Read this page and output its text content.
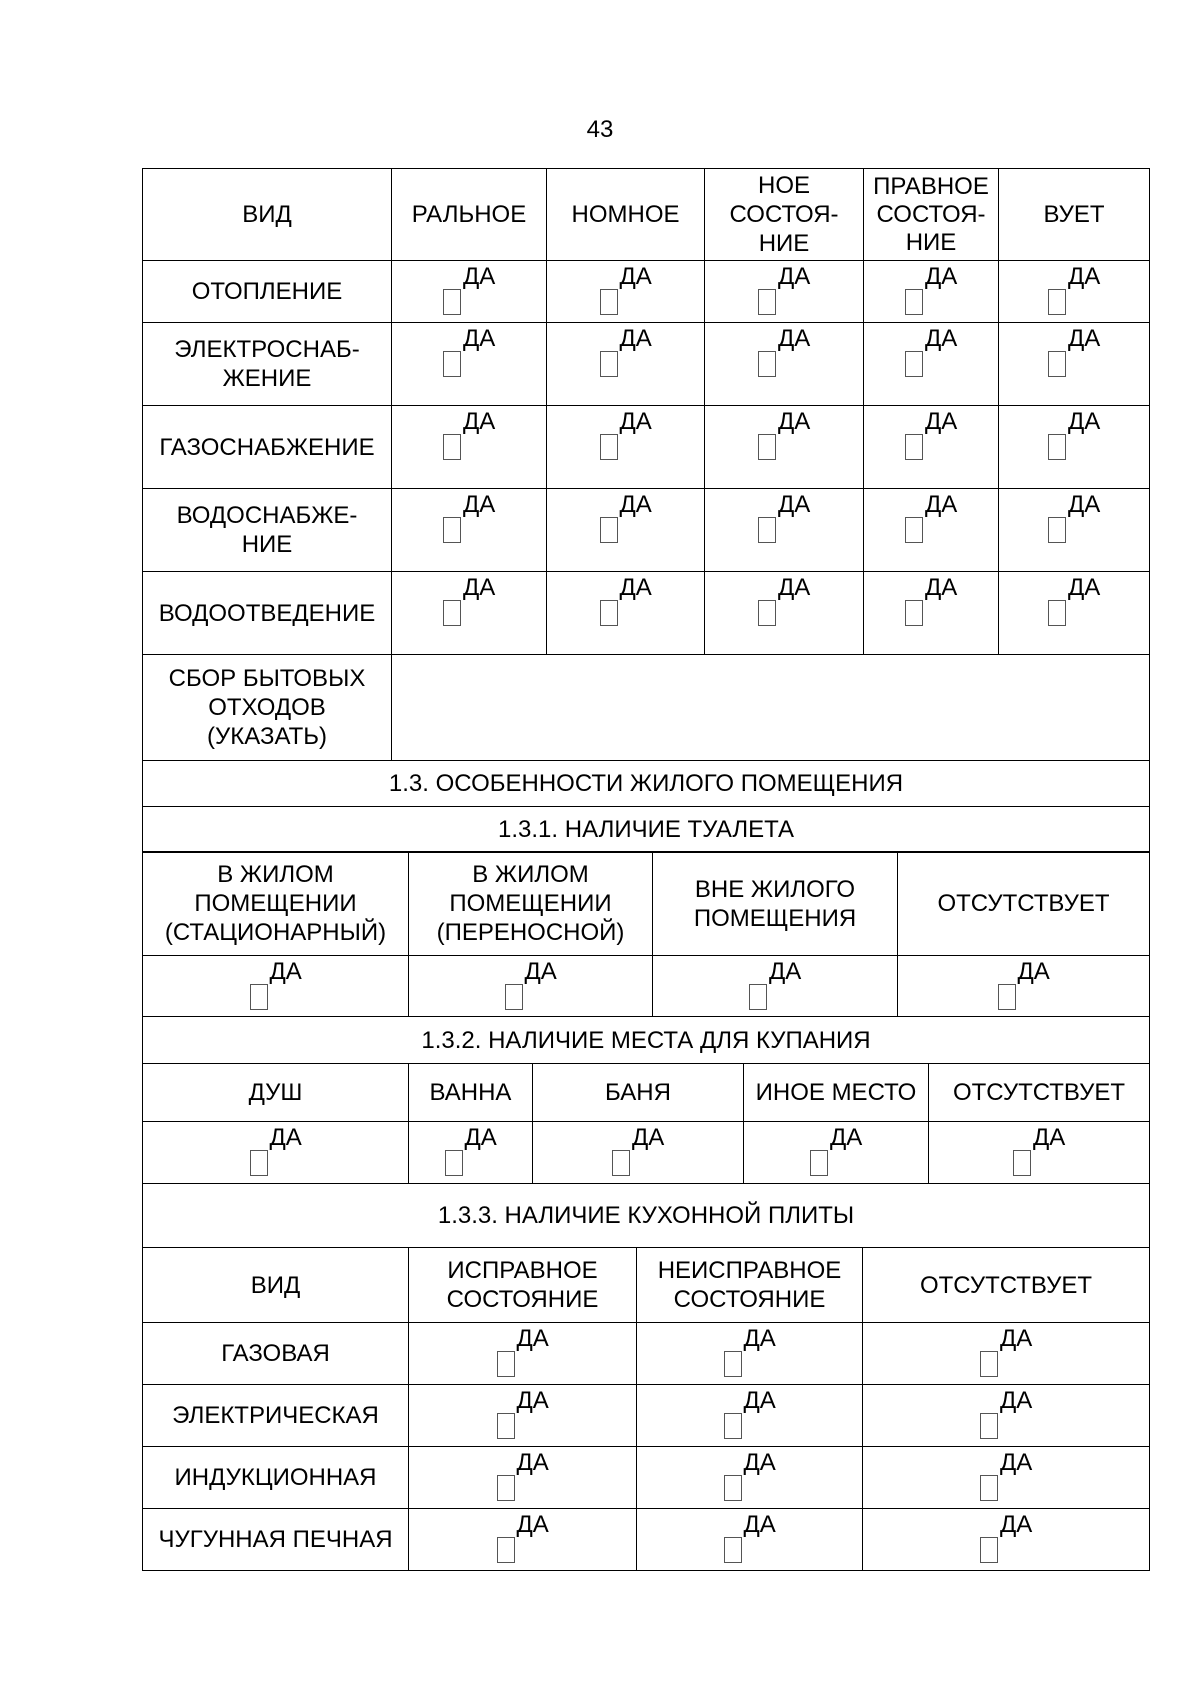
43
ВИД	РАЛЬНОЕ	НОМНОЕ	НОЕ
СОСТОЯ-
НИЕ	ПРАВНОЕ
СОСТОЯ-
НИЕ	ВУЕТ
ОТОПЛЕНИЕ	ДА	ДА	ДА	ДА	ДА

ЭЛЕКТРОСНАБ-
ЖЕНИЕ	ДА	ДА	ДА	ДА	ДА

ГАЗОСНАБЖЕНИЕ	ДА	ДА	ДА	ДА	ДА

ВОДОСНАБЖЕ-
НИЕ	ДА	ДА	ДА	ДА	ДА

ВОДООТВЕДЕНИЕ	ДА	ДА	ДА	ДА	ДА

СБОР БЫТОВЫХ
ОТХОДОВ
(УКАЗАТЬ)					
1.3. ОСОБЕННОСТИ ЖИЛОГО ПОМЕЩЕНИЯ					
1.3.1. НАЛИЧИЕ ТУАЛЕТА					
В ЖИЛОМ
ПОМЕЩЕНИИ
(СТАЦИОНАРНЫЙ)	В ЖИЛОМ
ПОМЕЩЕНИИ
(ПЕРЕНОСНОЙ)	ВНЕ ЖИЛОГО
ПОМЕЩЕНИЯ	ОТСУТСТВУЕТ

ДА	ДА	ДА	ДА

1.3.2. НАЛИЧИЕ МЕСТА ДЛЯ КУПАНИЯ			
ДУШ	ВАННА	БАНЯ	ИНОЕ МЕСТО	ОТСУТСТВУЕТ

ДА	ДА	ДА	ДА	ДА

1.3.3. НАЛИЧИЕ КУХОННОЙ ПЛИТЫ				
ВИД	ИСПРАВНОЕ
СОСТОЯНИЕ	НЕИСПРАВНОЕ
СОСТОЯНИЕ	ОТСУТСТВУЕТ
ГАЗОВАЯ	ДА	ДА	ДА

ЭЛЕКТРИЧЕСКАЯ	ДА	ДА	ДА

ИНДУКЦИОННАЯ	ДА	ДА	ДА

ЧУГУННАЯ ПЕЧНАЯ	ДА	ДА	ДА
